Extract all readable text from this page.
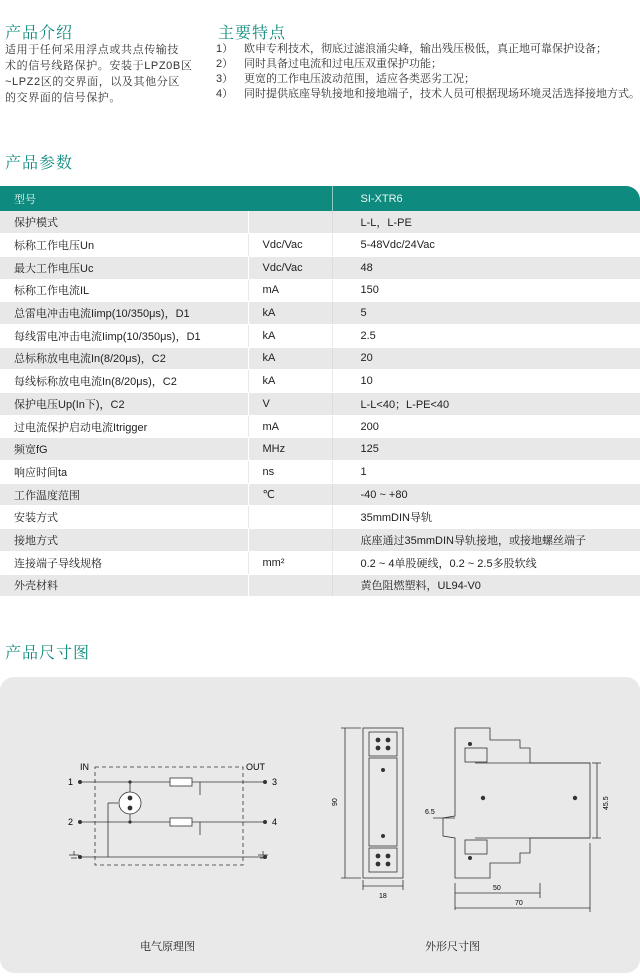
产品介绍
适用于任何采用浮点或共点传输技
术的信号线路保护。安装于LPZ0B区
~LPZ2区的交界面，以及其他分区
的交界面的信号保护。
主要特点
1） 欧申专利技术，彻底过滤浪涌尖峰，输出残压极低，真正地可靠保护设备；
2） 同时具备过电流和过电压双重保护功能；
3） 更宽的工作电压波动范围，适应各类恶劣工况；
4） 同时提供底座导轨接地和接地端子，技术人员可根据现场环境灵活选择接地方式。
产品参数
型号		SI-XTR6
保护模式		L-L，L-PE
标称工作电压Un	Vdc/Vac	5-48Vdc/24Vac
最大工作电压Uc	Vdc/Vac	48
标称工作电流IL	mA	150
总雷电冲击电流Iimp(10/350μs)，D1	kA	5
每线雷电冲击电流Iimp(10/350μs)，D1	kA	2.5
总标称放电电流In(8/20μs)，C2	kA	20
每线标称放电电流In(8/20μs)，C2	kA	10
保护电压Up(In下)，C2	V	L-L<40；L-PE<40
过电流保护启动电流Itrigger	mA	200
频宽fG	MHz	125
响应时间ta	ns	1
工作温度范围	℃	-40 ~ +80
安装方式		35mmDIN导轨
接地方式		底座通过35mmDIN导轨接地，或接地螺丝端子
连接端子导线规格	mm²	0.2 ~ 4单股硬线，0.2 ~ 2.5多股软线
外壳材料		黄色阻燃塑料，UL94-V0
产品尺寸图
IN	OUT
1
2
3
4
电气原理图
90
18
6.5
45.5
50
70
外形尺寸图
